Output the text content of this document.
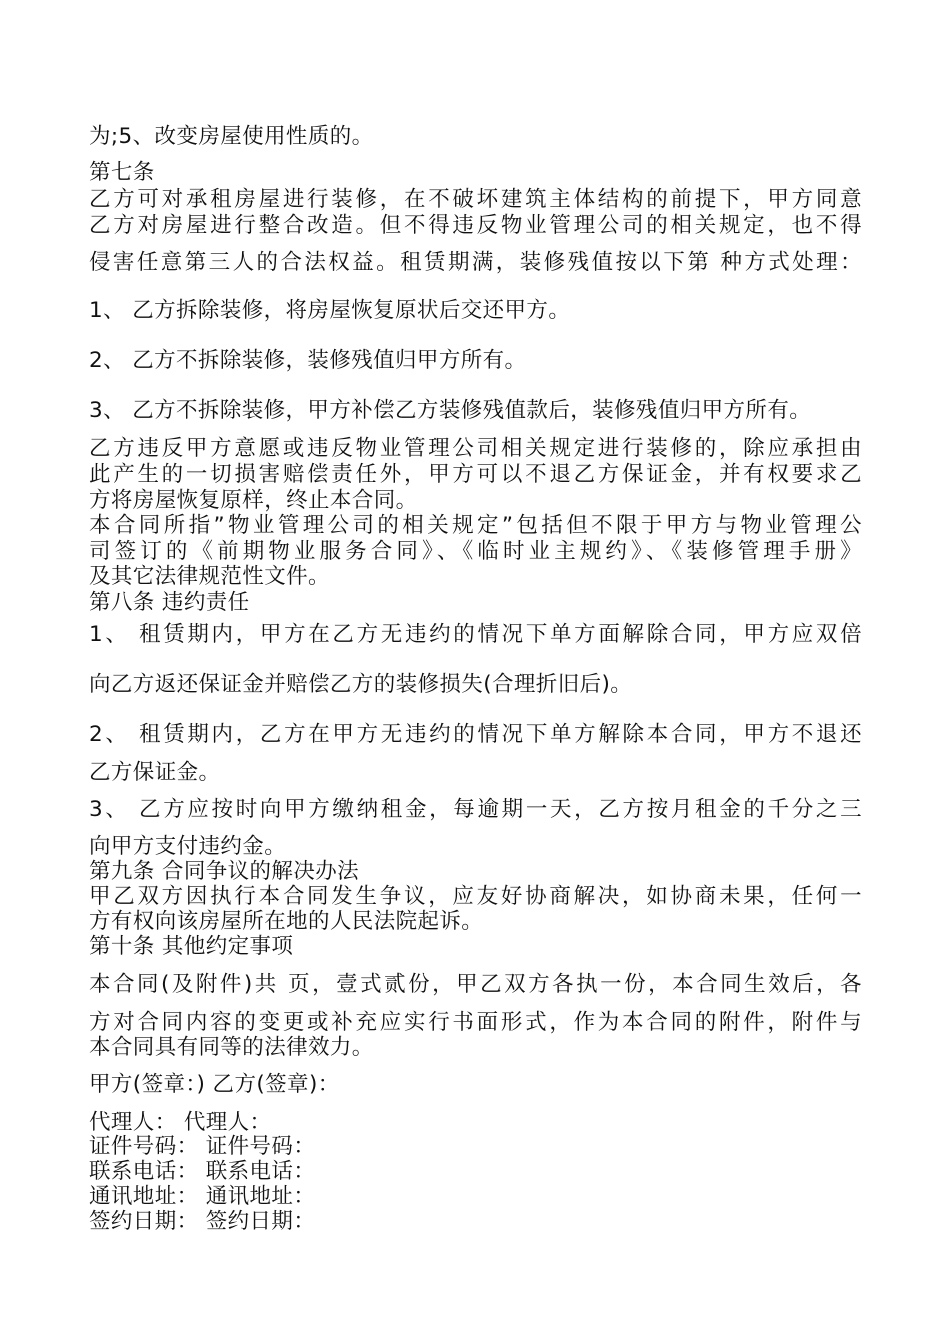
为;5、改变房屋使用性质的。
第七条
乙方可对承租房屋进行装修，在不破坏建筑主体结构的前提下，甲方同意
乙方对房屋进行整合改造。但不得违反物业管理公司的相关规定，也不得
侵害任意第三人的合法权益。租赁期满，装修残值按以下第 种方式处理：
1、 乙方拆除装修，将房屋恢复原状后交还甲方。
2、 乙方不拆除装修，装修残值归甲方所有。
3、 乙方不拆除装修，甲方补偿乙方装修残值款后，装修残值归甲方所有。
乙方违反甲方意愿或违反物业管理公司相关规定进行装修的，除应承担由
此产生的一切损害赔偿责任外，甲方可以不退乙方保证金，并有权要求乙
方将房屋恢复原样，终止本合同。
本合同所指”物业管理公司的相关规定”包括但不限于甲方与物业管理公
司签订的《前期物业服务合同》、《临时业主规约》、《装修管理手册》
及其它法律规范性文件。
第八条 违约责任
1、 租赁期内，甲方在乙方无违约的情况下单方面解除合同，甲方应双倍
向乙方返还保证金并赔偿乙方的装修损失(合理折旧后)。
2、 租赁期内，乙方在甲方无违约的情况下单方解除本合同，甲方不退还
乙方保证金。
3、 乙方应按时向甲方缴纳租金，每逾期一天，乙方按月租金的千分之三
向甲方支付违约金。
第九条 合同争议的解决办法
甲乙双方因执行本合同发生争议，应友好协商解决，如协商未果，任何一
方有权向该房屋所在地的人民法院起诉。
第十条 其他约定事项
本合同(及附件)共 页，壹式贰份，甲乙双方各执一份，本合同生效后，各
方对合同内容的变更或补充应实行书面形式，作为本合同的附件，附件与
本合同具有同等的法律效力。
甲方(签章：) 乙方(签章)：
代理人： 代理人：
证件号码： 证件号码：
联系电话： 联系电话：
通讯地址： 通讯地址：
签约日期： 签约日期：
